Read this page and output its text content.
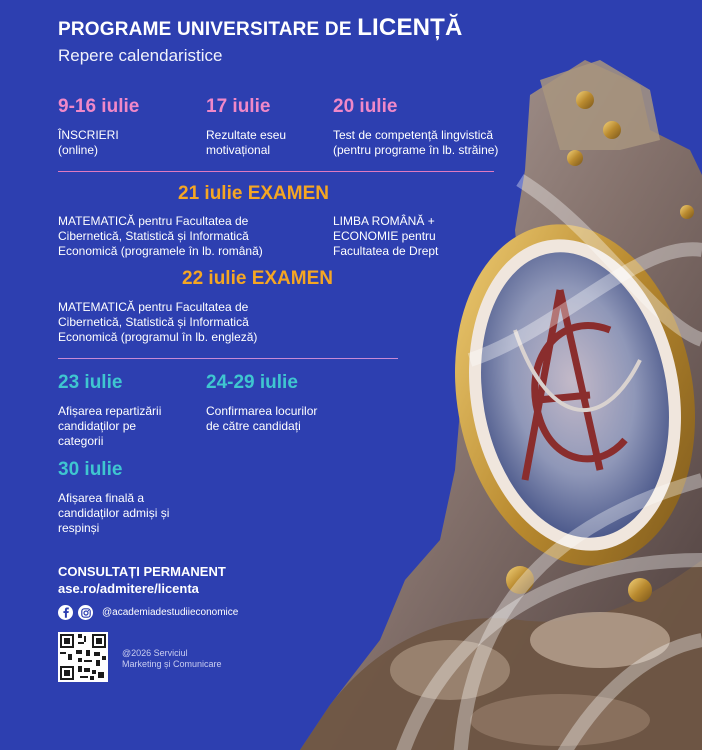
PROGRAME UNIVERSITARE DE LICENȚĂ
Repere calendaristice
9-16 iulie
ÎNSCRIERI
(online)
17 iulie
Rezultate eseu
motivațional
20 iulie
Test de competență lingvistică
(pentru programe în lb. străine)
21 iulie EXAMEN
MATEMATICĂ pentru Facultatea de
Cibernetică, Statistică și Informatică
Economică (programele în lb. română)
LIMBA ROMÂNĂ +
ECONOMIE pentru
Facultatea de Drept
22 iulie EXAMEN
MATEMATICĂ pentru Facultatea de
Cibernetică, Statistică și Informatică
Economică (programul în lb. engleză)
23 iulie
Afișarea repartizării
candidaților pe
categorii
24-29 iulie
Confirmarea locurilor
de către candidați
30 iulie
Afișarea finală a
candidaților admiși și
respinși
CONSULTAȚI PERMANENT
ase.ro/admitere/licenta
@academiadestudiieconomice
@2026 Serviciul
Marketing și Comunicare
